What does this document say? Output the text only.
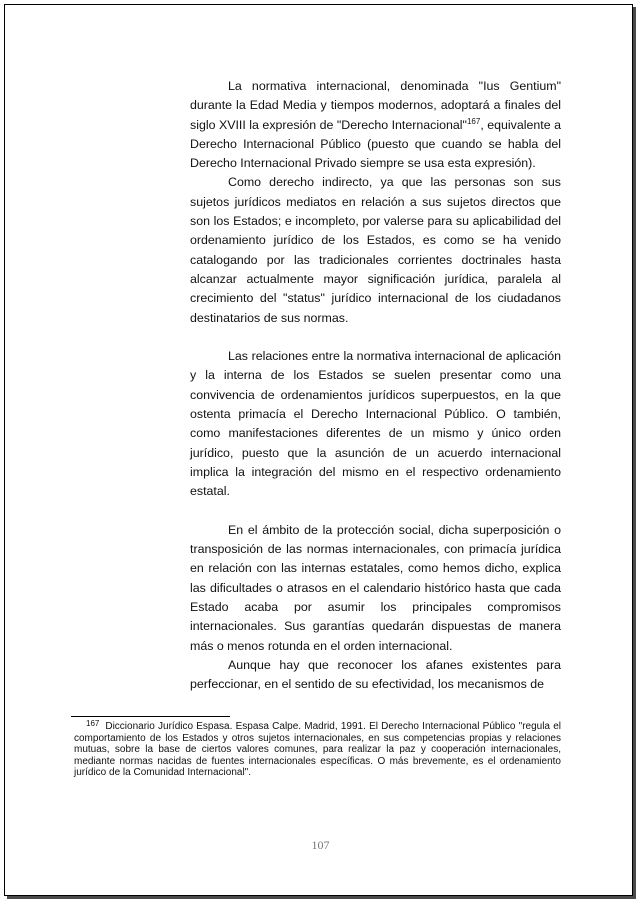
La normativa internacional, denominada "Ius Gentium" durante la Edad Media y tiempos modernos, adoptará a finales del siglo XVIII la expresión de "Derecho Internacional"$^{167}$, equivalente a Derecho Internacional Público (puesto que cuando se habla del Derecho Internacional Privado siempre se usa esta expresión).

Como derecho indirecto, ya que las personas son sus sujetos jurídicos mediatos en relación a sus sujetos directos que son los Estados; e incompleto, por valerse para su aplicabilidad del ordenamiento jurídico de los Estados, es como se ha venido catalogando por las tradicionales corrientes doctrinales hasta alcanzar actualmente mayor significación jurídica, paralela al crecimiento del "status" jurídico internacional de los ciudadanos destinatarios de sus normas.

Las relaciones entre la normativa internacional de aplicación y la interna de los Estados se suelen presentar como una convivencia de ordenamientos jurídicos superpuestos, en la que ostenta primacía el Derecho Internacional Público. O también, como manifestaciones diferentes de un mismo y único orden jurídico, puesto que la asunción de un acuerdo internacional implica la integración del mismo en el respectivo ordenamiento estatal.

En el ámbito de la protección social, dicha superposición o transposición de las normas internacionales, con primacía jurídica en relación con las internas estatales, como hemos dicho, explica las dificultades o atrasos en el calendario histórico hasta que cada Estado acaba por asumir los principales compromisos internacionales. Sus garantías quedarán dispuestas de manera más o menos rotunda en el orden internacional.

Aunque hay que reconocer los afanes existentes para perfeccionar, en el sentido de su efectividad, los mecanismos de

$^{167}$ Diccionario Jurídico Espasa. Espasa Calpe. Madrid, 1991. El Derecho Internacional Público "regula el comportamiento de los Estados y otros sujetos internacionales, en sus competencias propias y relaciones mutuas, sobre la base de ciertos valores comunes, para realizar la paz y cooperación internacionales, mediante normas nacidas de fuentes internacionales específicas. O más brevemente, es el ordenamiento jurídico de la Comunidad Internacional".
107
